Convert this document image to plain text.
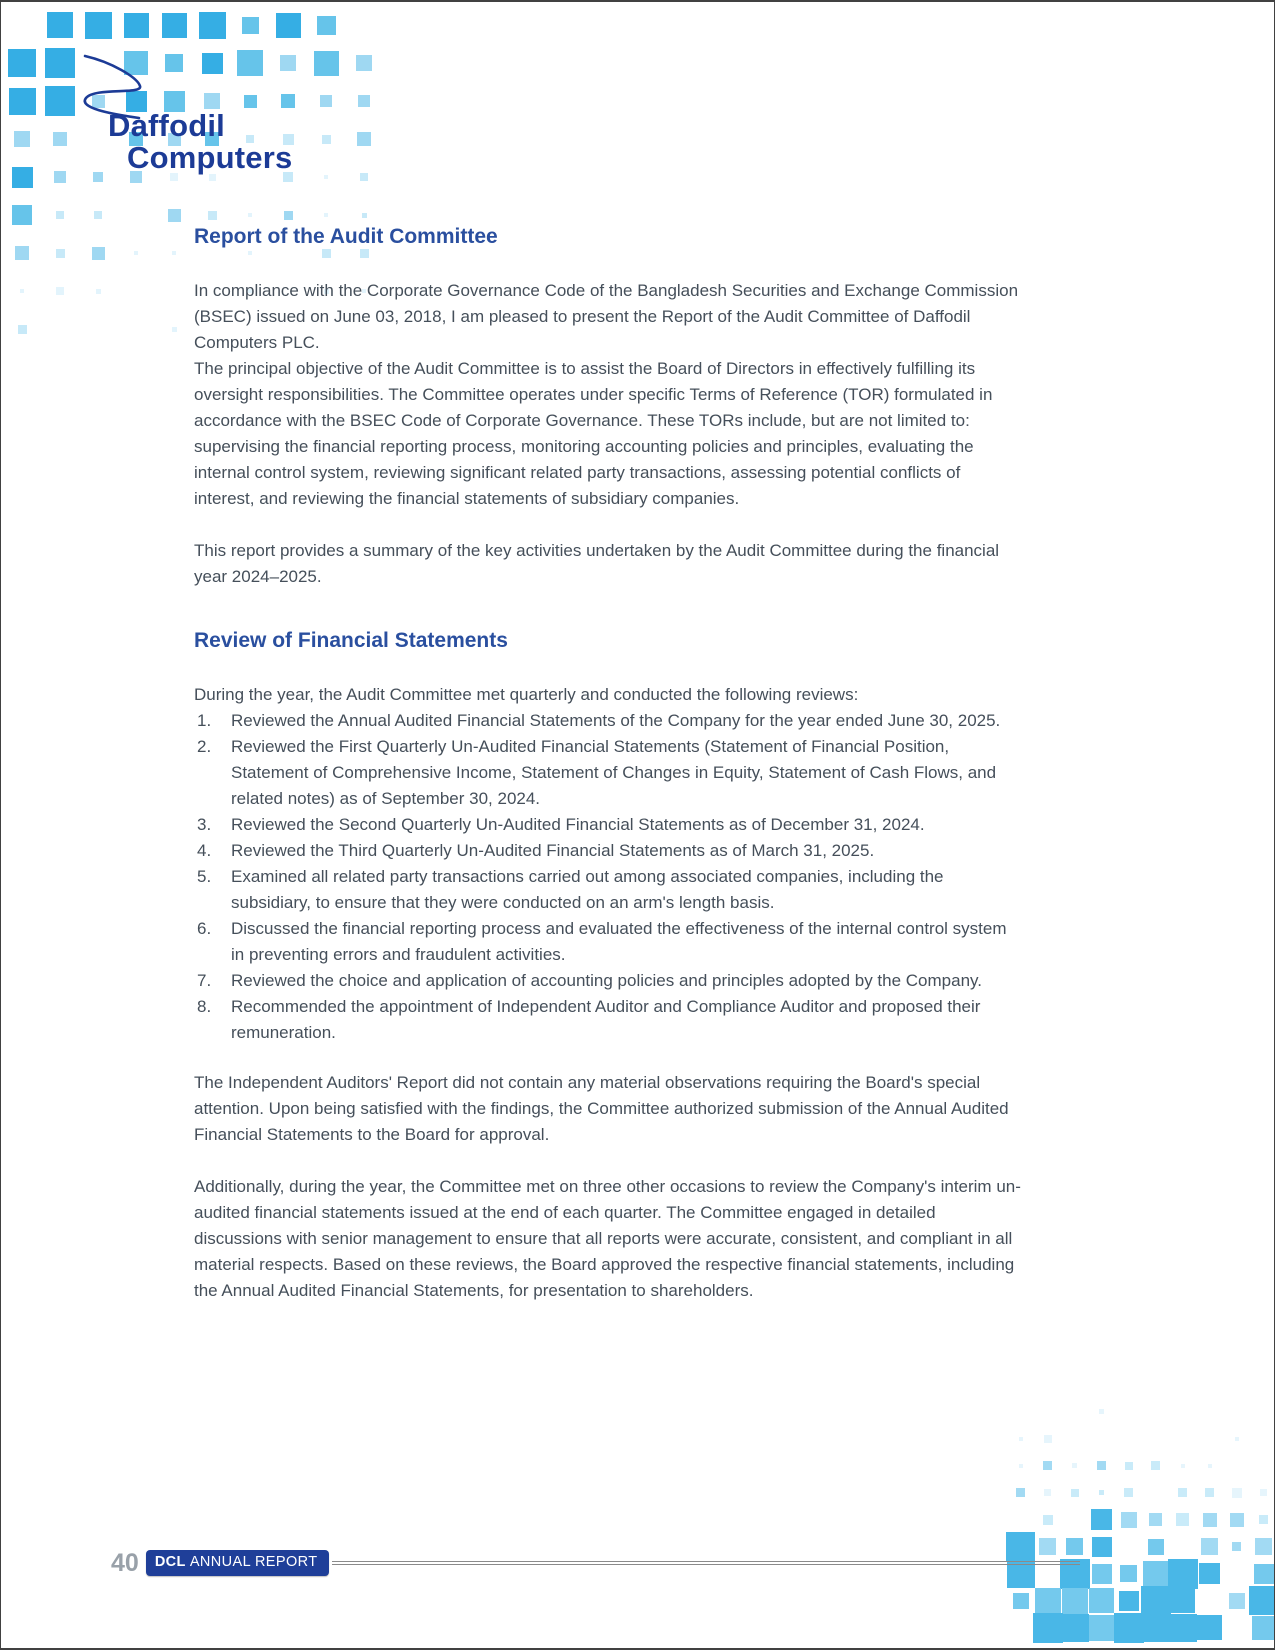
Daffodil
Computers
Report of the Audit Committee

In compliance with the Corporate Governance Code of the Bangladesh Securities and Exchange Commission (BSEC) issued on June 03, 2018, I am pleased to present the Report of the Audit Committee of Daffodil Computers PLC.

The principal objective of the Audit Committee is to assist the Board of Directors in effectively fulfilling its oversight responsibilities. The Committee operates under specific Terms of Reference (TOR) formulated in accordance with the BSEC Code of Corporate Governance. These TORs include, but are not limited to: supervising the financial reporting process, monitoring accounting policies and principles, evaluating the internal control system, reviewing significant related party transactions, assessing potential conflicts of interest, and reviewing the financial statements of subsidiary companies.

This report provides a summary of the key activities undertaken by the Audit Committee during the financial year 2024–2025.

Review of Financial Statements

During the year, the Audit Committee met quarterly and conducted the following reviews:

1.	Reviewed the Annual Audited Financial Statements of the Company for the year ended June 30, 2025.
2.	Reviewed the First Quarterly Un-Audited Financial Statements (Statement of Financial Position, Statement of Comprehensive Income, Statement of Changes in Equity, Statement of Cash Flows, and related notes) as of September 30, 2024.
3.	Reviewed the Second Quarterly Un-Audited Financial Statements as of December 31, 2024.
4.	Reviewed the Third Quarterly Un-Audited Financial Statements as of March 31, 2025.
5.	Examined all related party transactions carried out among associated companies, including the subsidiary, to ensure that they were conducted on an arm's length basis.
6.	Discussed the financial reporting process and evaluated the effectiveness of the internal control system in preventing errors and fraudulent activities.
7.	Reviewed the choice and application of accounting policies and principles adopted by the Company.
8.	Recommended the appointment of Independent Auditor and Compliance Auditor and proposed their remuneration.

The Independent Auditors' Report did not contain any material observations requiring the Board's special attention. Upon being satisfied with the findings, the Committee authorized submission of the Annual Audited Financial Statements to the Board for approval.

Additionally, during the year, the Committee met on three other occasions to review the Company's interim un-audited financial statements issued at the end of each quarter. The Committee engaged in detailed discussions with senior management to ensure that all reports were accurate, consistent, and compliant in all material respects. Based on these reviews, the Board approved the respective financial statements, including the Annual Audited Financial Statements, for presentation to shareholders.

40	DCL ANNUAL REPORT
